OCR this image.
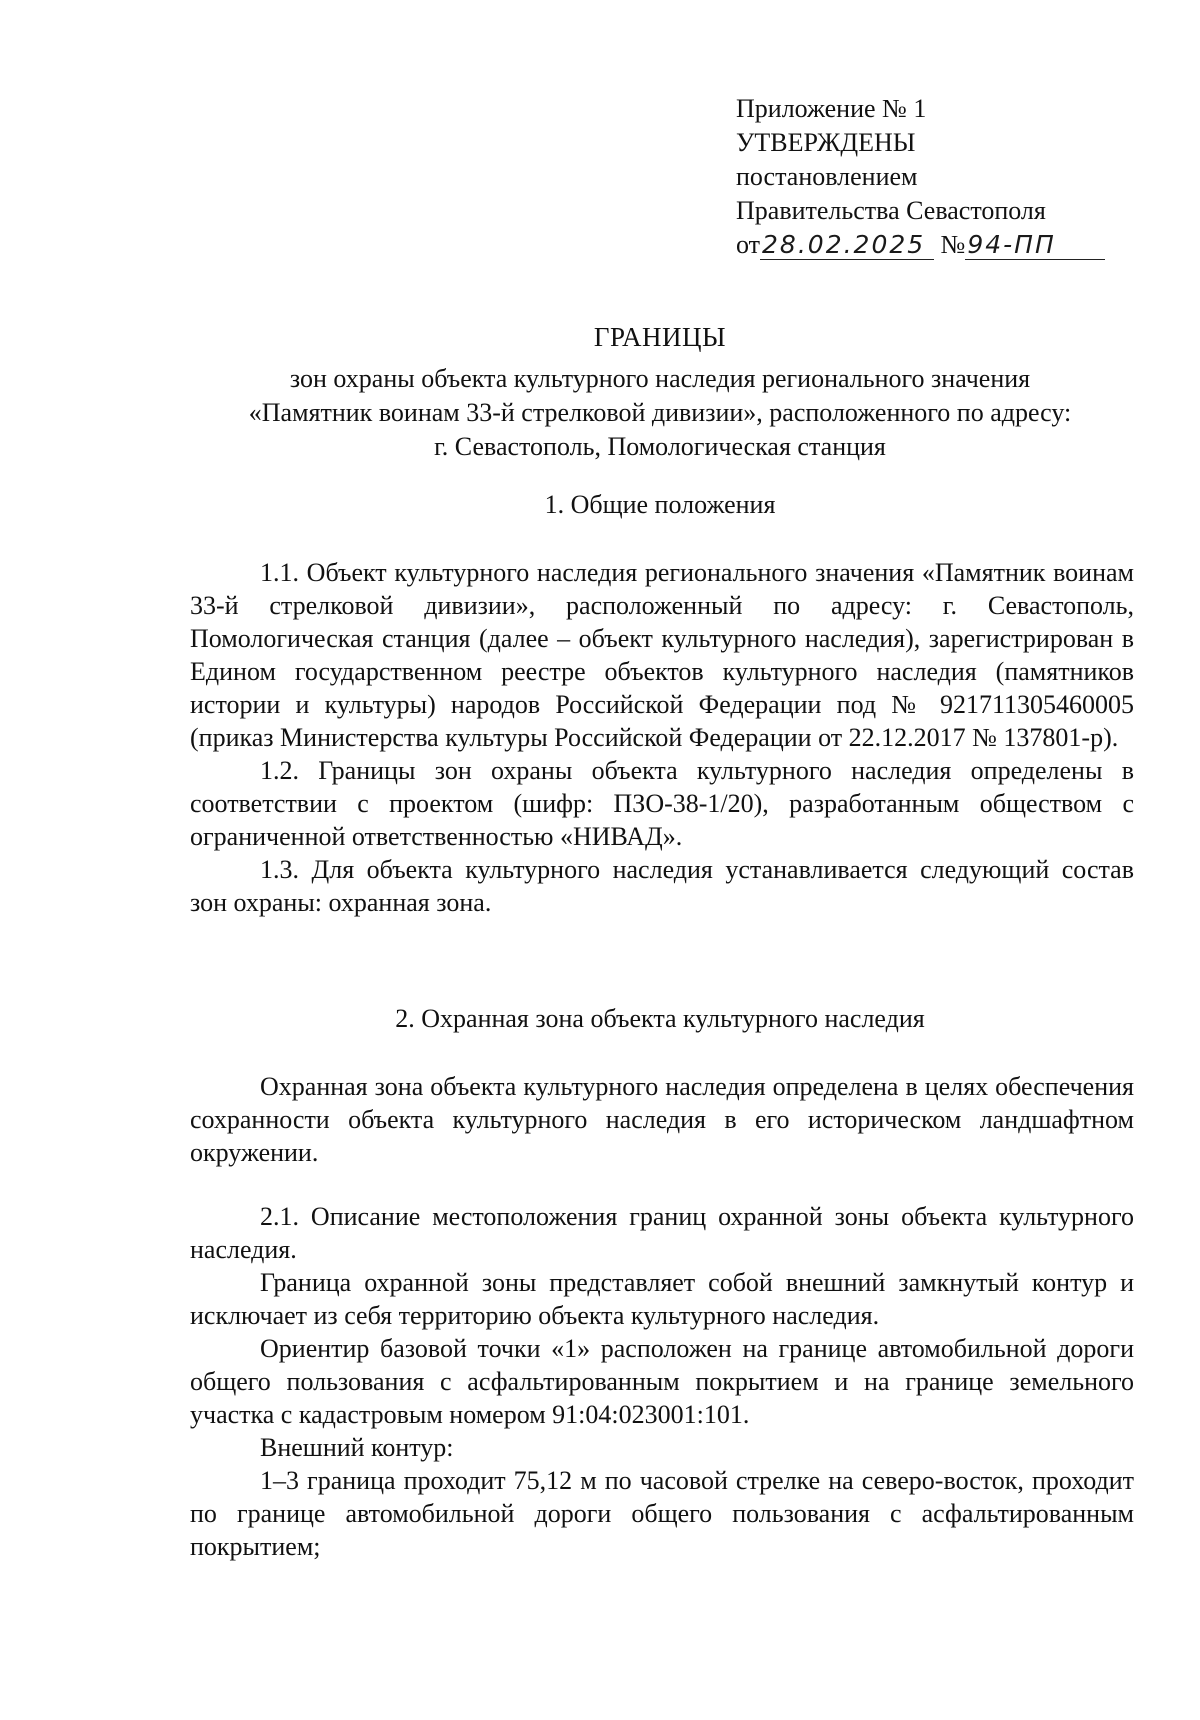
Приложение № 1
УТВЕРЖДЕНЫ
постановлением
Правительства Севастополя
от28.02.2025 №94-ПП
ГРАНИЦЫ
зон охраны объекта культурного наследия регионального значения
«Памятник воинам 33-й стрелковой дивизии», расположенного по адресу:
г. Севастополь, Помологическая станция
1. Общие положения

1.1. Объект культурного наследия регионального значения «Памятник воинам 33-й стрелковой дивизии», расположенный по адресу: г. Севастополь, Помологическая станция (далее – объект культурного наследия), зарегистрирован в Едином государственном реестре объектов культурного наследия (памятников истории и культуры) народов Российской Федерации под № 921711305460005 (приказ Министерства культуры Российской Федерации от 22.12.2017 № 137801-р).

1.2. Границы зон охраны объекта культурного наследия определены в соответствии с проектом (шифр: ПЗО-38-1/20), разработанным обществом с ограниченной ответственностью «НИВАД».

1.3. Для объекта культурного наследия устанавливается следующий состав зон охраны: охранная зона.

2. Охранная зона объекта культурного наследия

Охранная зона объекта культурного наследия определена в целях обеспечения сохранности объекта культурного наследия в его историческом ландшафтном окружении.

2.1. Описание местоположения границ охранной зоны объекта культурного наследия.

Граница охранной зоны представляет собой внешний замкнутый контур и исключает из себя территорию объекта культурного наследия.

Ориентир базовой точки «1» расположен на границе автомобильной дороги общего пользования с асфальтированным покрытием и на границе земельного участка с кадастровым номером 91:04:023001:101.

Внешний контур:

1–3 граница проходит 75,12 м по часовой стрелке на северо-восток, проходит по границе автомобильной дороги общего пользования с асфальтированным покрытием;
